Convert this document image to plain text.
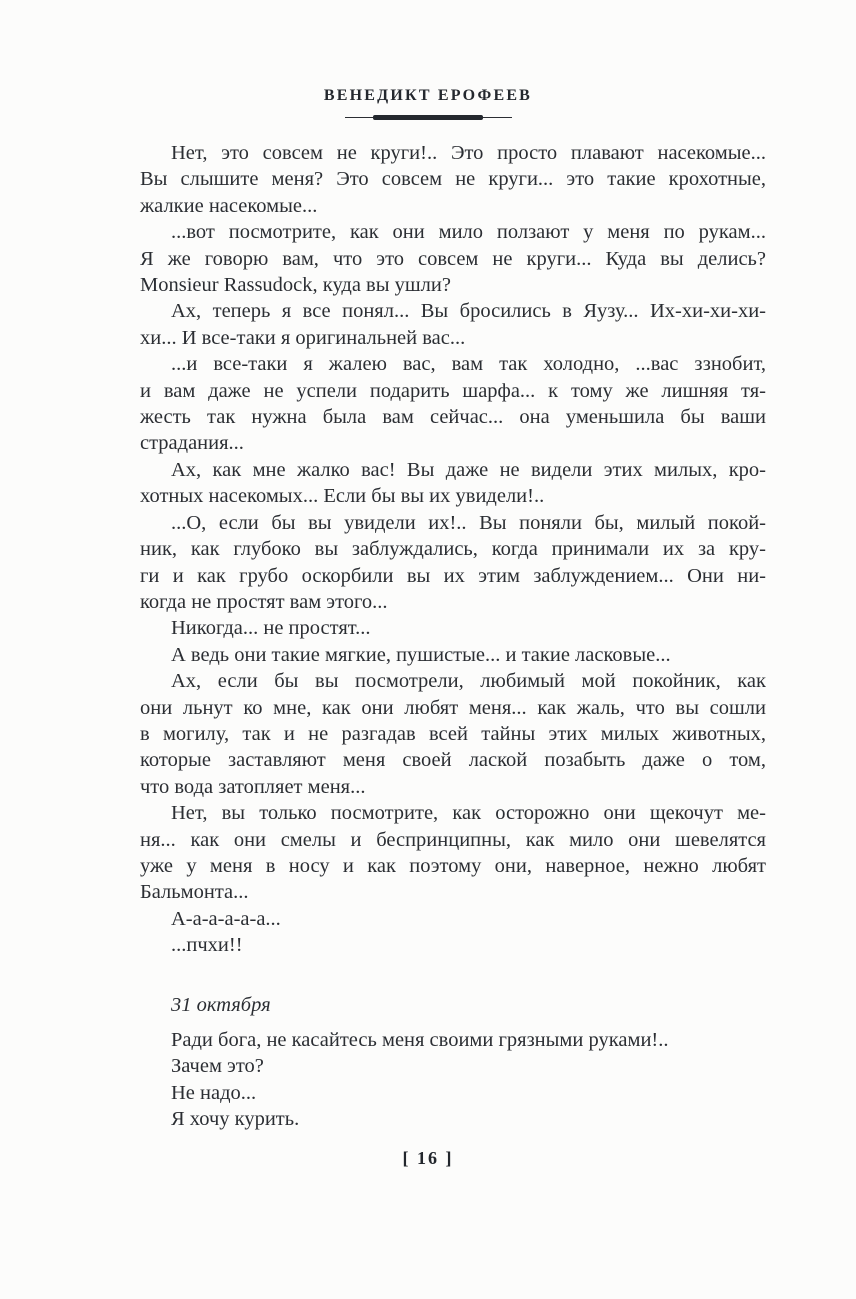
ВЕНЕДИКТ ЕРОФЕЕВ
Нет, это совсем не круги!.. Это просто плавают насекомые...
Вы слышите меня? Это совсем не круги... это такие крохотные,
жалкие насекомые...
...вот посмотрите, как они мило ползают у меня по рукам...
Я же говорю вам, что это совсем не круги... Куда вы делись?
Monsieur Rassudock, куда вы ушли?
Ах, теперь я все понял... Вы бросились в Яузу... Их-хи-хи-хи-
хи... И все-таки я оригинальней вас...
...и все-таки я жалею вас, вам так холодно, ...вас ззнобит,
и вам даже не успели подарить шарфа... к тому же лишняя тя-
жесть так нужна была вам сейчас... она уменьшила бы ваши
страдания...
Ах, как мне жалко вас! Вы даже не видели этих милых, кро-
хотных насекомых... Если бы вы их увидели!..
...О, если бы вы увидели их!.. Вы поняли бы, милый покой-
ник, как глубоко вы заблуждались, когда принимали их за кру-
ги и как грубо оскорбили вы их этим заблуждением... Они ни-
когда не простят вам этого...
Никогда... не простят...
А ведь они такие мягкие, пушистые... и такие ласковые...
Ах, если бы вы посмотрели, любимый мой покойник, как
они льнут ко мне, как они любят меня... как жаль, что вы сошли
в могилу, так и не разгадав всей тайны этих милых животных,
которые заставляют меня своей лаской позабыть даже о том,
что вода затопляет меня...
Нет, вы только посмотрите, как осторожно они щекочут ме-
ня... как они смелы и беспринципны, как мило они шевелятся
уже у меня в носу и как поэтому они, наверное, нежно любят
Бальмонта...
А-а-а-а-а-а...
...пчхи!!
31 октября
Ради бога, не касайтесь меня своими грязными руками!..
Зачем это?
Не надо...
Я хочу курить.
[ 16 ]
